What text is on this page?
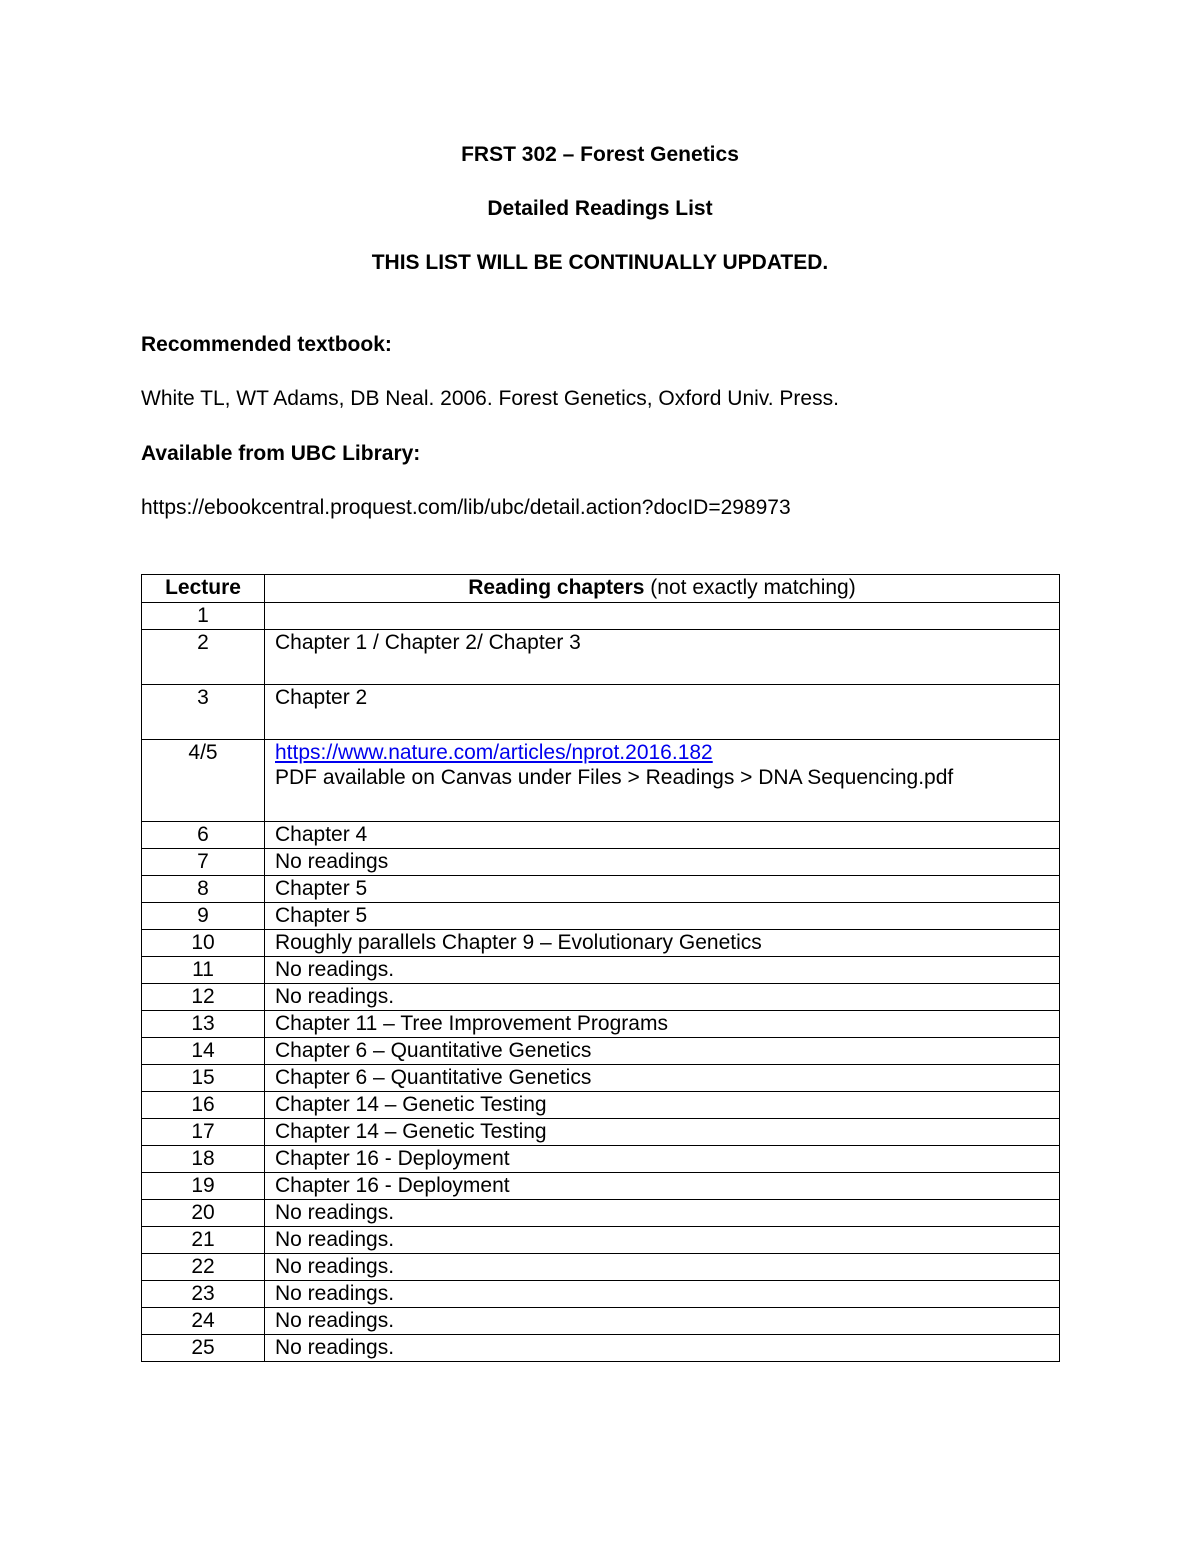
FRST 302 – Forest Genetics
Detailed Readings List
THIS LIST WILL BE CONTINUALLY UPDATED.
Recommended textbook:
White TL, WT Adams, DB Neal. 2006. Forest Genetics, Oxford Univ. Press.
Available from UBC Library:
https://ebookcentral.proquest.com/lib/ubc/detail.action?docID=298973
Lecture	Reading chapters (not exactly matching)
1	
2	Chapter 1 / Chapter 2/ Chapter 3
3	Chapter 2
4/5	https://www.nature.com/articles/nprot.2016.182
PDF available on Canvas under Files > Readings > DNA Sequencing.pdf
6	Chapter 4
7	No readings
8	Chapter 5
9	Chapter 5
10	Roughly parallels Chapter 9 – Evolutionary Genetics
11	No readings.
12	No readings.
13	Chapter 11 – Tree Improvement Programs
14	Chapter 6 – Quantitative Genetics
15	Chapter 6 – Quantitative Genetics
16	Chapter 14 – Genetic Testing
17	Chapter 14 – Genetic Testing
18	Chapter 16 - Deployment
19	Chapter 16 - Deployment
20	No readings.
21	No readings.
22	No readings.
23	No readings.
24	No readings.
25	No readings.
